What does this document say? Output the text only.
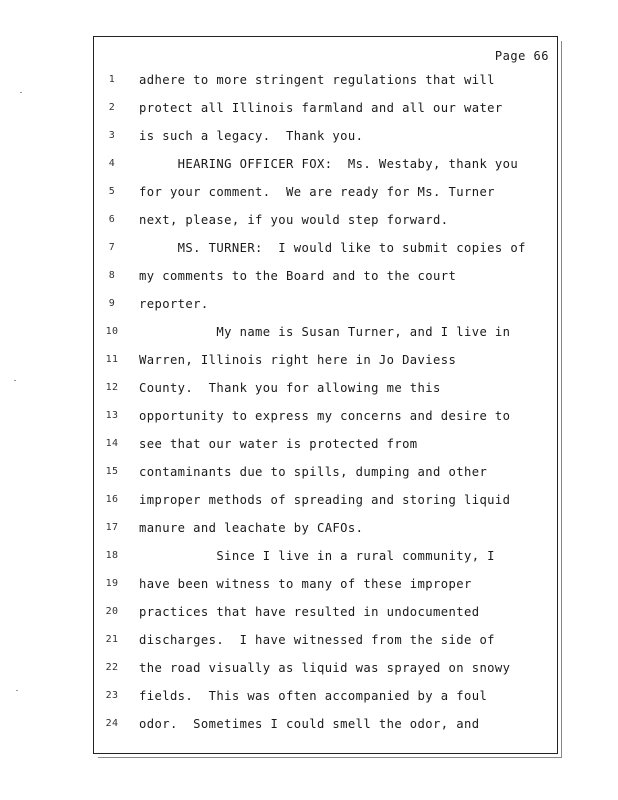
Page 66
1	adhere to more stringent regulations that will
2	protect all Illinois farmland and all our water
3	is such a legacy.  Thank you.
4	HEARING OFFICER FOX:  Ms. Westaby, thank you
5	for your comment.  We are ready for Ms. Turner
6	next, please, if you would step forward.
7	MS. TURNER:  I would like to submit copies of
8	my comments to the Board and to the court
9	reporter.
10 My name is Susan Turner, and I live in
11 Warren, Illinois right here in Jo Daviess
12 County.  Thank you for allowing me this
13 opportunity to express my concerns and desire to
14 see that our water is protected from
15 contaminants due to spills, dumping and other
16 improper methods of spreading and storing liquid
17 manure and leachate by CAFOs.
18 Since I live in a rural community, I
19 have been witness to many of these improper
20 practices that have resulted in undocumented
21 discharges.  I have witnessed from the side of
22 the road visually as liquid was sprayed on snowy
23 fields.  This was often accompanied by a foul
24 odor.  Sometimes I could smell the odor, and
